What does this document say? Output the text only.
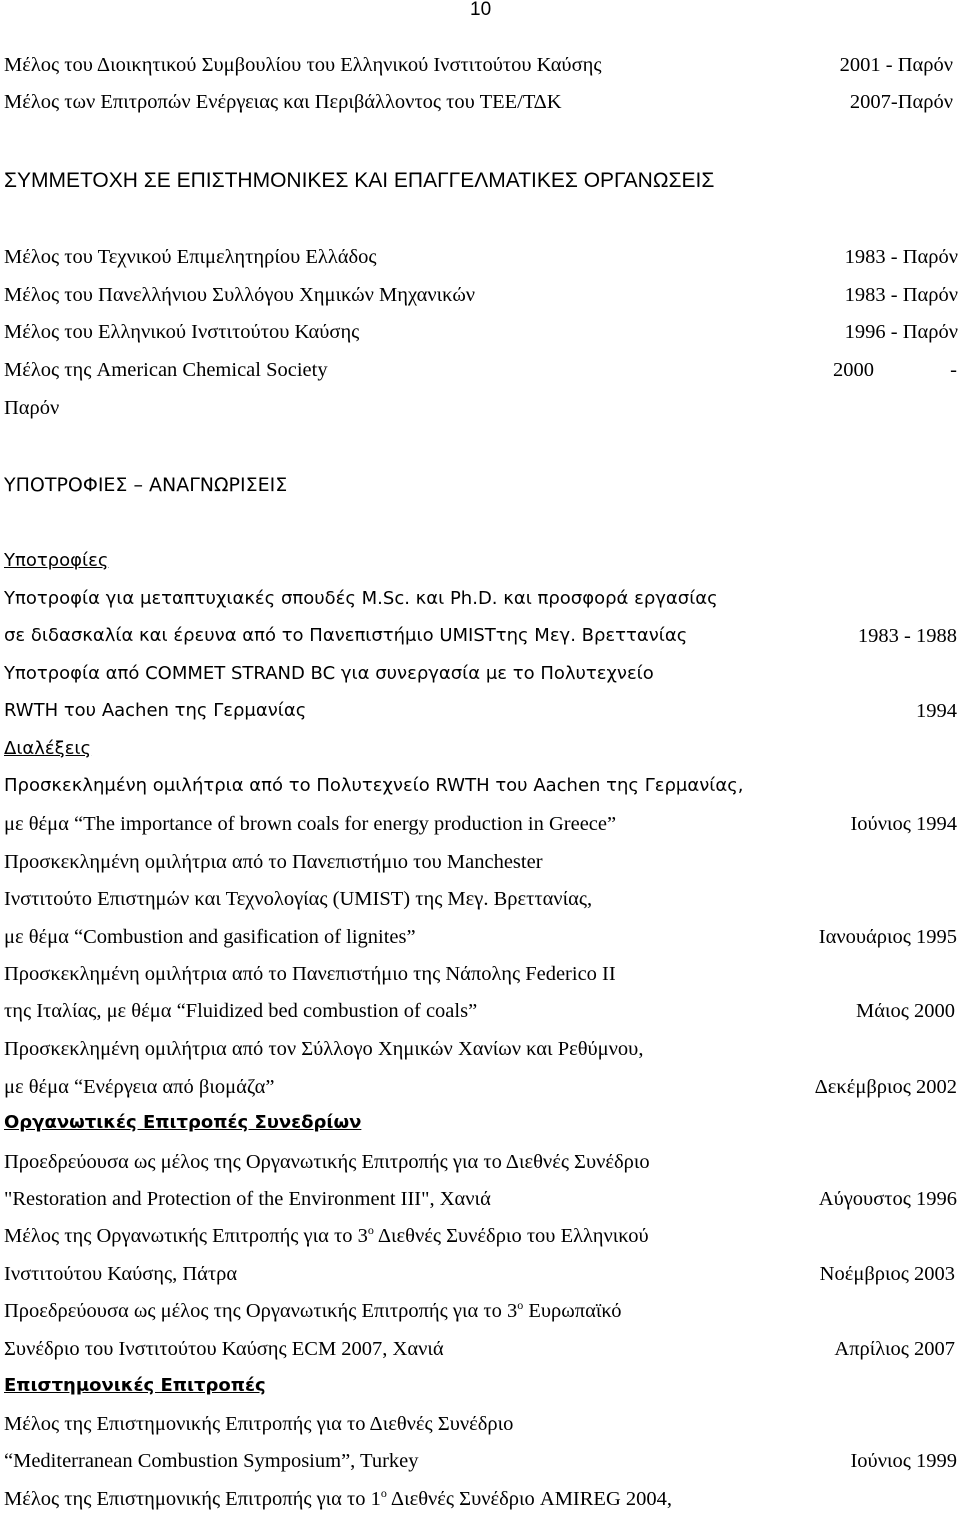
10
Μέλος του Διοικητικού Συμβουλίου του Ελληνικού Ινστιτούτου Καύσης	2001 - Παρόν
Μέλος των Επιτροπών Ενέργειας και Περιβάλλοντος του ΤΕΕ/ΤΔΚ	2007-Παρόν
ΣΥΜΜΕΤΟΧΗ ΣΕ ΕΠΙΣΤΗΜΟΝΙΚΕΣ ΚΑΙ ΕΠΑΓΓΕΛΜΑΤΙΚΕΣ ΟΡΓΑΝΩΣΕΙΣ
Μέλος του Τεχνικού Επιμελητηρίου Ελλάδος	1983 - Παρόν
Μέλος του Πανελλήνιου Συλλόγου Χημικών Μηχανικών	1983 - Παρόν
Μέλος του Ελληνικού Ινστιτούτου Καύσης	1996 - Παρόν
Μέλος της American Chemical Society	2000	-
Παρόν
ΥΠΟΤΡΟΦΙΕΣ – ΑΝΑΓΝΩΡΙΣΕΙΣ
Υποτροφίες
Υποτροφία για μεταπτυχιακές σπουδές M.Sc. και Ph.D. και προσφορά εργασίας
σε διδασκαλία και έρευνα από το Πανεπιστήμιο UMISTτης Μεγ. Βρεττανίας	1983 - 1988
Υποτροφία από COMMET STRAND BC για συνεργασία με το Πολυτεχνείο
RWTH του Aachen της Γερμανίας	1994
Διαλέξεις
Προσκεκλημένη ομιλήτρια από το Πολυτεχνείο RWTH του Aachen της Γερμανίας,
με θέμα “The importance of brown coals for energy production in Greece”	Ιούνιος 1994
Προσκεκλημένη ομιλήτρια από το Πανεπιστήμιο του Manchester
Ινστιτούτο Επιστημών και Τεχνολογίας (UMIST) της Μεγ. Βρεττανίας,
με θέμα “Combustion and gasification of lignites”	Ιανουάριος 1995
Προσκεκλημένη ομιλήτρια από το Πανεπιστήμιο της Νάπολης Federico II
της Ιταλίας, με θέμα “Fluidized bed combustion of coals”	Μάιος 2000
Προσκεκλημένη ομιλήτρια από τον Σύλλογο Χημικών Χανίων και Ρεθύμνου,
με θέμα “Ενέργεια από βιομάζα”	Δεκέμβριος 2002
Οργανωτικές Επιτροπές Συνεδρίων
Προεδρεύουσα ως μέλος της Οργανωτικής Επιτροπής για το Διεθνές Συνέδριο
"Restoration and Protection of the Environment III", Χανιά	Αύγουστος 1996
Μέλος της Οργανωτικής Επιτροπής για το $3^o$ Διεθνές Συνέδριο του Ελληνικού
Ινστιτούτου Καύσης, Πάτρα	Νοέμβριος 2003
Προεδρεύουσα ως μέλος της Οργανωτικής Επιτροπής για το $3^o$ Ευρωπαϊκό
Συνέδριο του Ινστιτούτου Καύσης ECM 2007, Χανιά	Απρίλιος 2007
Επιστημονικές Επιτροπές
Μέλος της Επιστημονικής Επιτροπής για το Διεθνές Συνέδριο
“Mediterranean Combustion Symposium”, Turkey	Ιούνιος 1999
Μέλος της Επιστημονικής Επιτροπής για το $1^o$ Διεθνές Συνέδριο AMIREG 2004,
